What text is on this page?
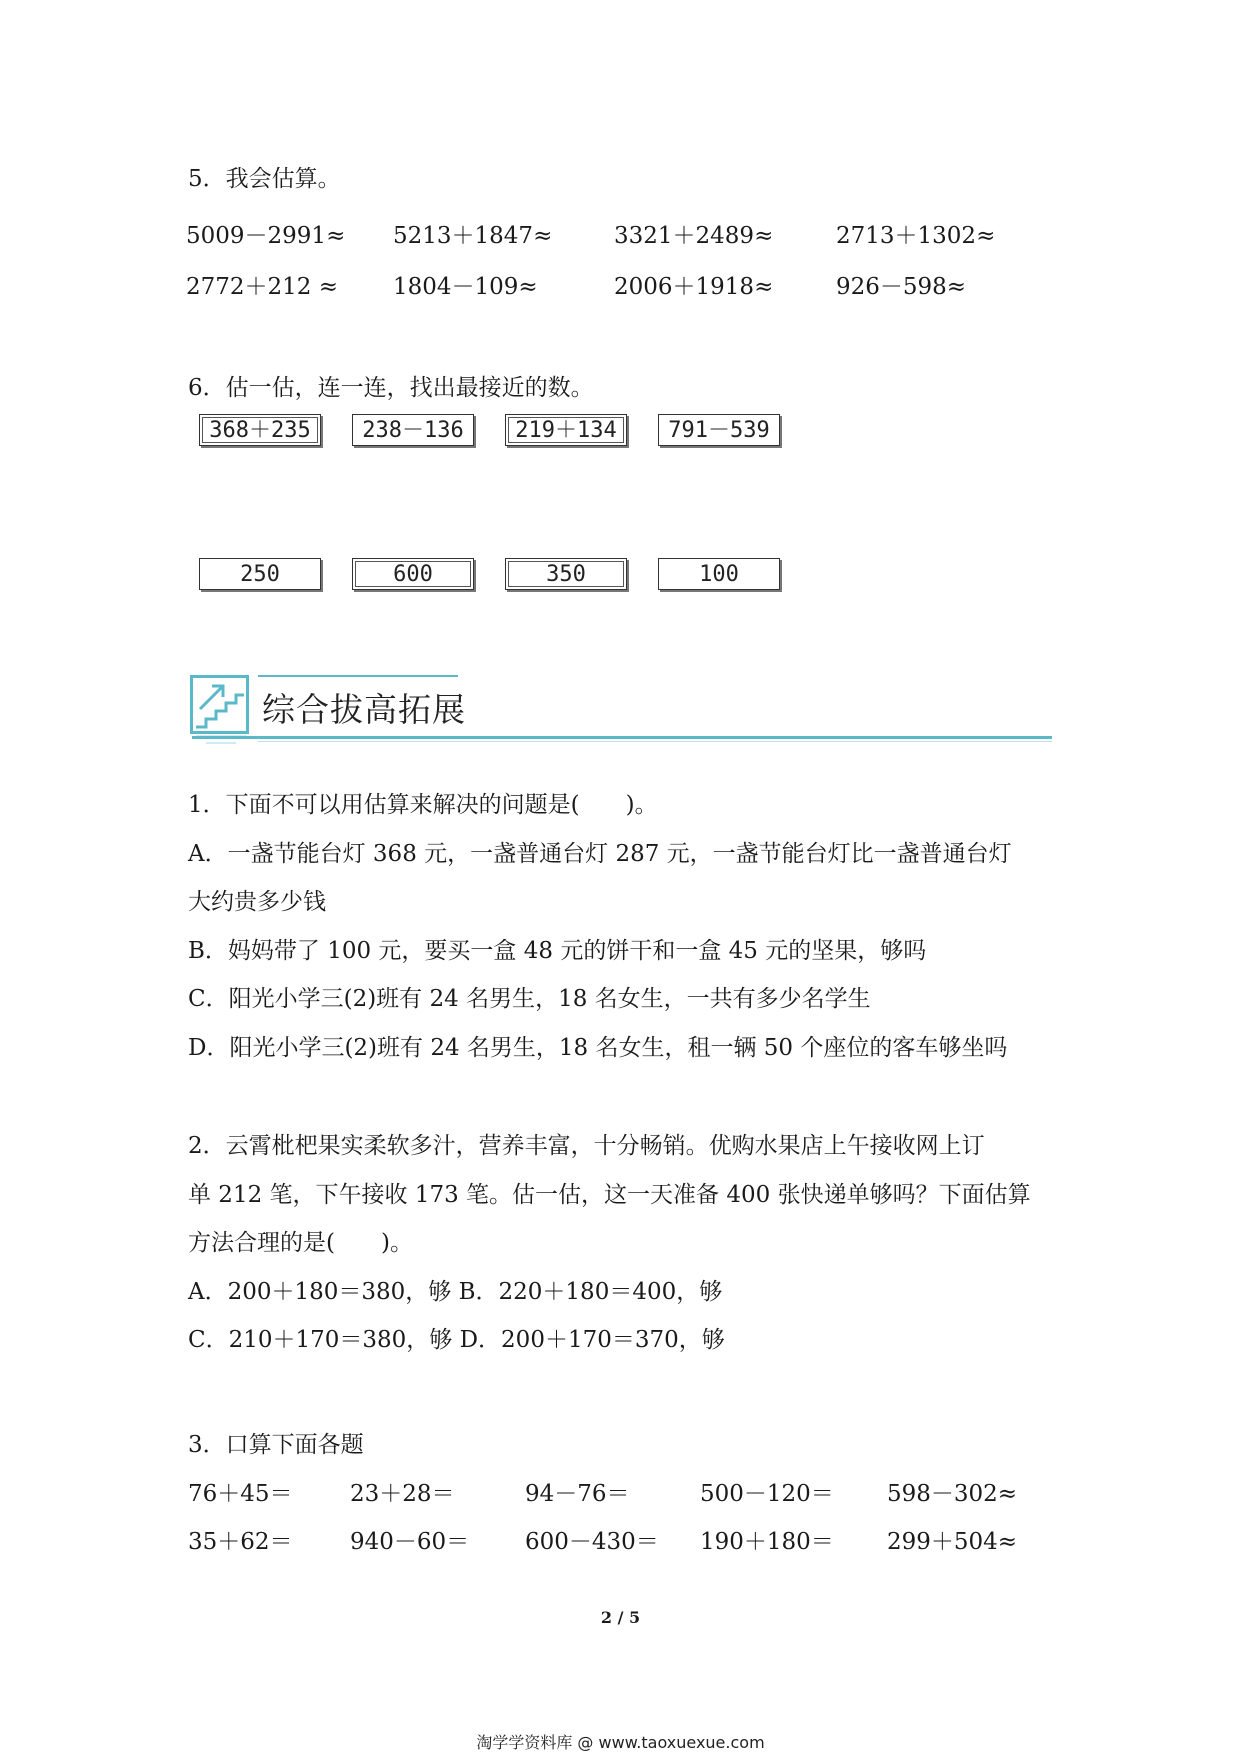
5．我会估算。
5009－2991≈ 5213＋1847≈	3321＋2489≈	2713＋1302≈
2772＋212 ≈ 1804－109≈	2006＋1918≈	926－598≈
6．估一估，连一连，找出最接近的数。
368＋235	238－136	219＋134	791－539
250	600	350	100
综合拔高拓展
1．下面不可以用估算来解决的问题是(　　)。
A．一盏节能台灯 368 元，一盏普通台灯 287 元，一盏节能台灯比一盏普通台灯
大约贵多少钱
B．妈妈带了 100 元，要买一盒 48 元的饼干和一盒 45 元的坚果，够吗
C．阳光小学三(2)班有 24 名男生，18 名女生，一共有多少名学生
D．阳光小学三(2)班有 24 名男生，18 名女生，租一辆 50 个座位的客车够坐吗
2．云霄枇杷果实柔软多汁，营养丰富，十分畅销。优购水果店上午接收网上订
单 212 笔，下午接收 173 笔。估一估，这一天准备 400 张快递单够吗？下面估算
方法合理的是(　　)。
A．200＋180＝380，够 B．220＋180＝400，够
C．210＋170＝380，够 D．200＋170＝370，够
3．口算下面各题
76＋45＝ 23＋28＝	94－76＝	500－120＝ 598－302≈
35＋62＝ 940－60＝ 600－430＝ 190＋180＝ 299＋504≈
2 / 5
淘学学资料库 @ www.taoxuexue.com
